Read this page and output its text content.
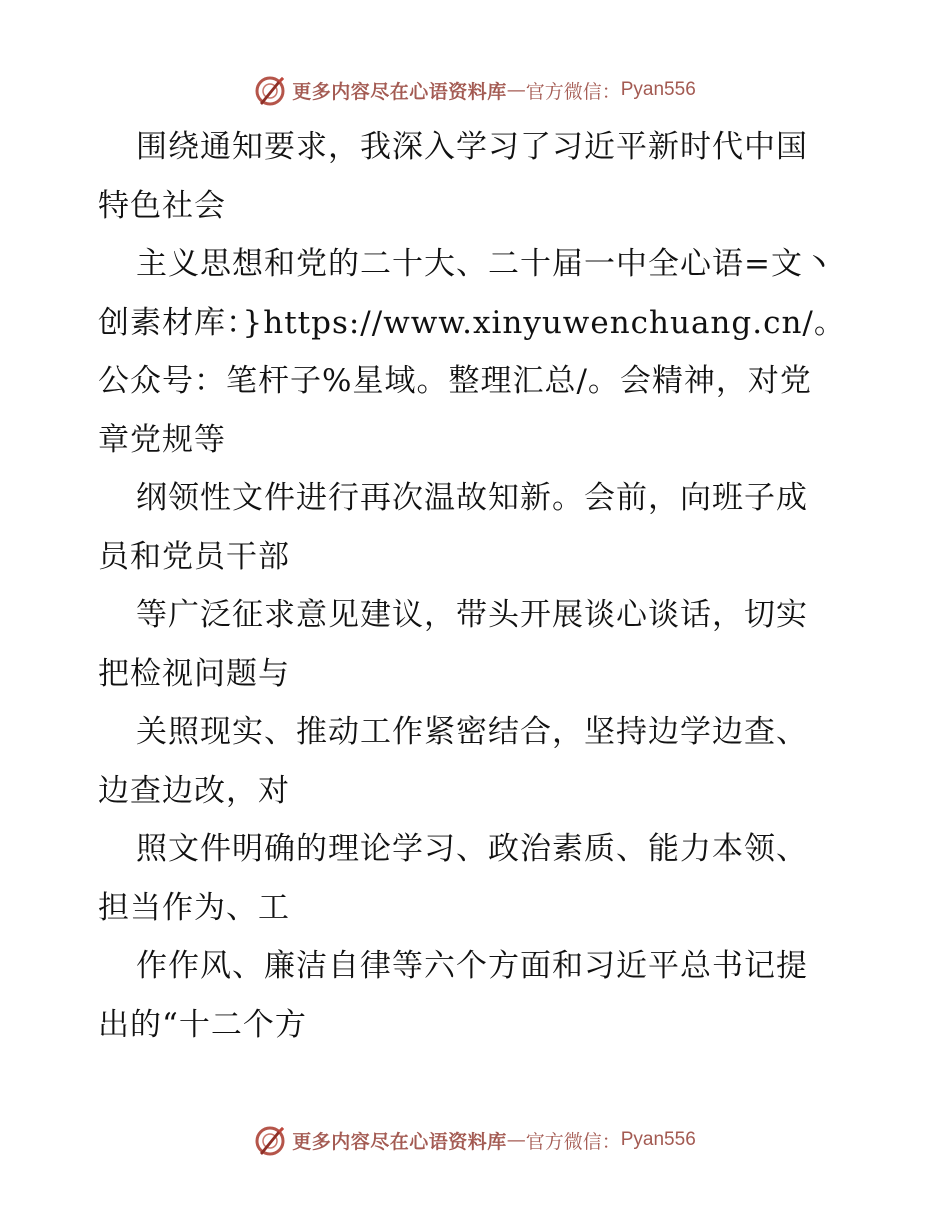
更多内容尽在心语资料库 — 官方微信： Pyan556
围绕通知要求，我深入学习了习近平新时代中国
特色社会
主义思想和党的二十大、二十届一中全心语=文丶
创素材库：}https://www.xinyuwenchuang.cn/。
公众号：笔杆子%星域。整理汇总/。会精神，对党
章党规等
纲领性文件进行再次温故知新。会前，向班子成
员和党员干部
等广泛征求意见建议，带头开展谈心谈话，切实
把检视问题与
关照现实、推动工作紧密结合，坚持边学边查、
边查边改，对
照文件明确的理论学习、政治素质、能力本领、
担当作为、工
作作风、廉洁自律等六个方面和习近平总书记提
出的“十二个方
更多内容尽在心语资料库 — 官方微信： Pyan556
